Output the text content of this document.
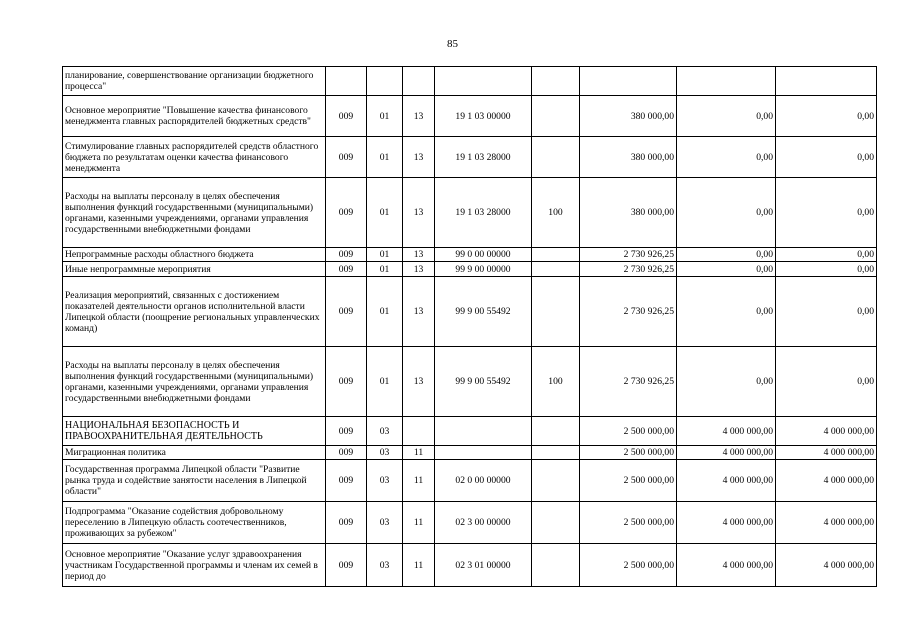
85
планирование, совершенствование организации бюджетного процесса"								
Основное мероприятие "Повышение качества финансового менеджмента главных распорядителей бюджетных средств"	009	01	13	19 1 03 00000		380 000,00	0,00	0,00
Стимулирование главных распорядителей средств областного бюджета по результатам оценки качества финансового менеджмента	009	01	13	19 1 03 28000		380 000,00	0,00	0,00
Расходы на выплаты персоналу в целях обеспечения выполнения функций государственными (муниципальными) органами, казенными учреждениями, органами управления государственными внебюджетными фондами	009	01	13	19 1 03 28000	100	380 000,00	0,00	0,00
Непрограммные расходы областного бюджета	009	01	13	99 0 00 00000		2 730 926,25	0,00	0,00
Иные непрограммные мероприятия	009	01	13	99 9 00 00000		2 730 926,25	0,00	0,00
Реализация мероприятий, связанных с достижением показателей деятельности органов исполнительной власти Липецкой области (поощрение региональных управленческих команд)	009	01	13	99 9 00 55492		2 730 926,25	0,00	0,00
Расходы на выплаты персоналу в целях обеспечения выполнения функций государственными (муниципальными) органами, казенными учреждениями, органами управления государственными внебюджетными фондами	009	01	13	99 9 00 55492	100	2 730 926,25	0,00	0,00
НАЦИОНАЛЬНАЯ БЕЗОПАСНОСТЬ И ПРАВООХРАНИТЕЛЬНАЯ ДЕЯТЕЛЬНОСТЬ	009	03				2 500 000,00	4 000 000,00	4 000 000,00
Миграционная политика	009	03	11			2 500 000,00	4 000 000,00	4 000 000,00
Государственная программа Липецкой области "Развитие рынка труда и содействие занятости населения в Липецкой области"	009	03	11	02 0 00 00000		2 500 000,00	4 000 000,00	4 000 000,00
Подпрограмма "Оказание содействия добровольному переселению в Липецкую область соотечественников, проживающих за рубежом"	009	03	11	02 3 00 00000		2 500 000,00	4 000 000,00	4 000 000,00
Основное мероприятие "Оказание услуг здравоохранения участникам Государственной программы и членам их семей в период до	009	03	11	02 3 01 00000		2 500 000,00	4 000 000,00	4 000 000,00
